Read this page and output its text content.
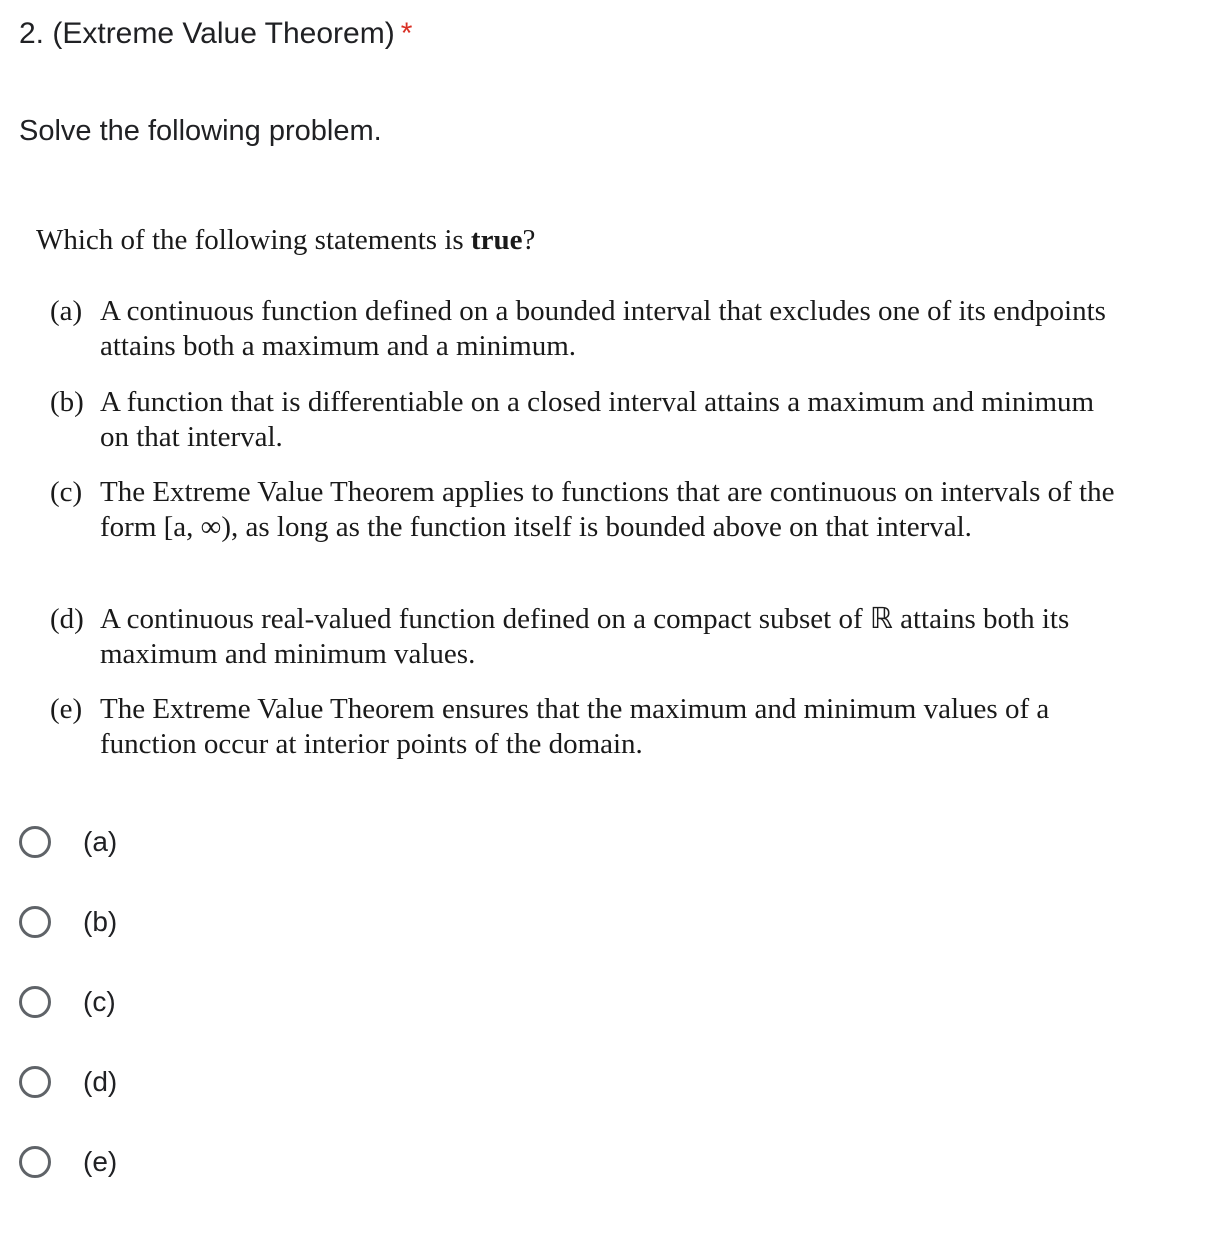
2. (Extreme Value Theorem) *
Solve the following problem.
Which of the following statements is true?
(a) A continuous function defined on a bounded interval that excludes one of its endpoints attains both a maximum and a minimum.
(b) A function that is differentiable on a closed interval attains a maximum and minimum on that interval.
(c) The Extreme Value Theorem applies to functions that are continuous on intervals of the form [a, ∞), as long as the function itself is bounded above on that interval.
(d) A continuous real-valued function defined on a compact subset of ℝ attains both its maximum and minimum values.
(e) The Extreme Value Theorem ensures that the maximum and minimum values of a function occur at interior points of the domain.
(a)
(b)
(c)
(d)
(e)
